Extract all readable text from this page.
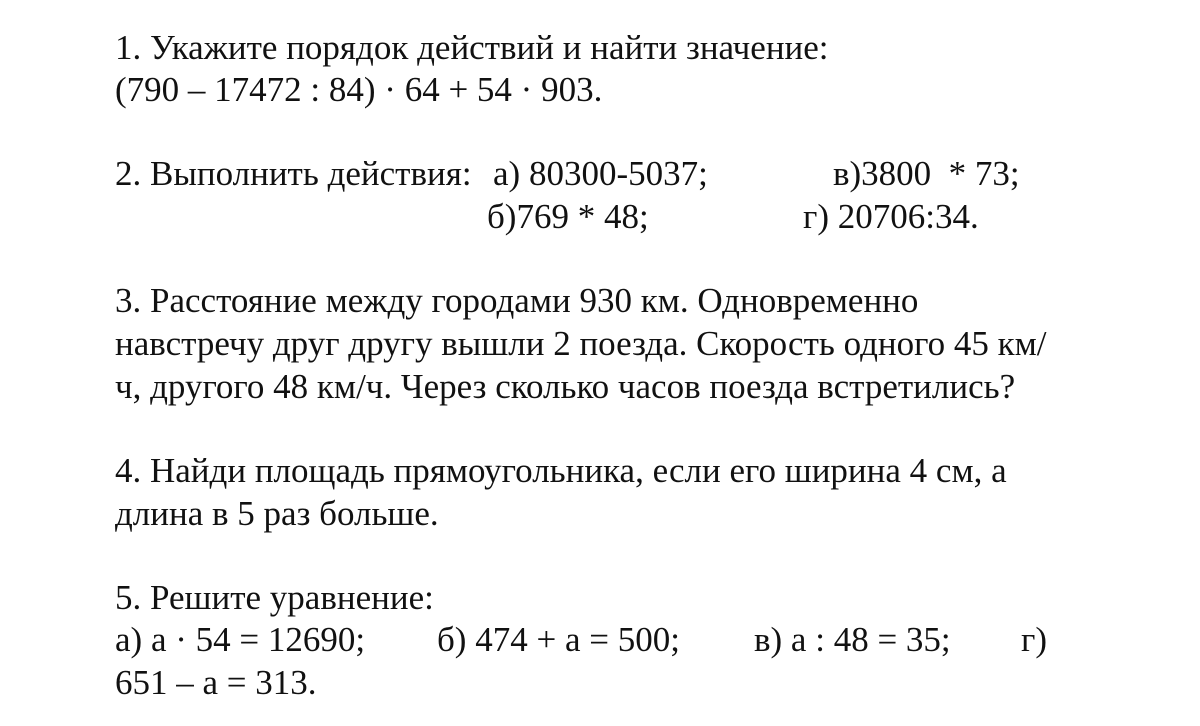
1. Укажите порядок действий и найти значение:
(790 – 17472 : 84) · 64 + 54 · 903.
2. Выполнить действия: а) 80300-5037;	в)3800  * 73;
б)769 * 48;	г) 20706:34.
3. Расстояние между городами 930 км. Одновременно
навстречу друг другу вышли 2 поезда. Скорость одного 45 км/
ч, другого 48 км/ч. Через сколько часов поезда встретились?
4. Найди площадь прямоугольника, если его ширина 4 см, а
длина в 5 раз больше.
5. Решите уравнение:
а) а · 54 = 12690; б) 474 + а = 500; в) а : 48 = 35; г)
651 – а = 313.
